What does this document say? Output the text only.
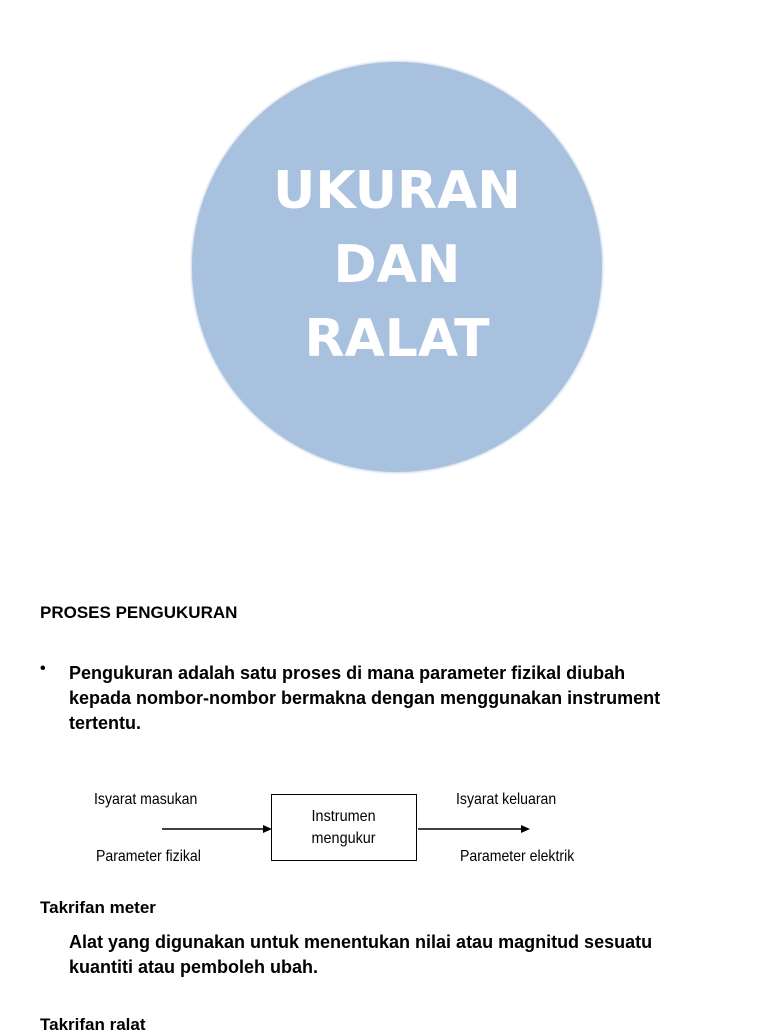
UKURAN
DAN
RALAT
PROSES PENGUKURAN
• Pengukuran adalah satu proses di mana parameter fizikal diubah kepada nombor-nombor bermakna dengan menggunakan instrument tertentu.
Isyarat masukan
Parameter fizikal
Instrumen
mengukur
Isyarat keluaran
Parameter elektrik
Takrifan meter
Alat yang digunakan untuk menentukan nilai atau magnitud sesuatu kuantiti atau pemboleh ubah.
Takrifan ralat
